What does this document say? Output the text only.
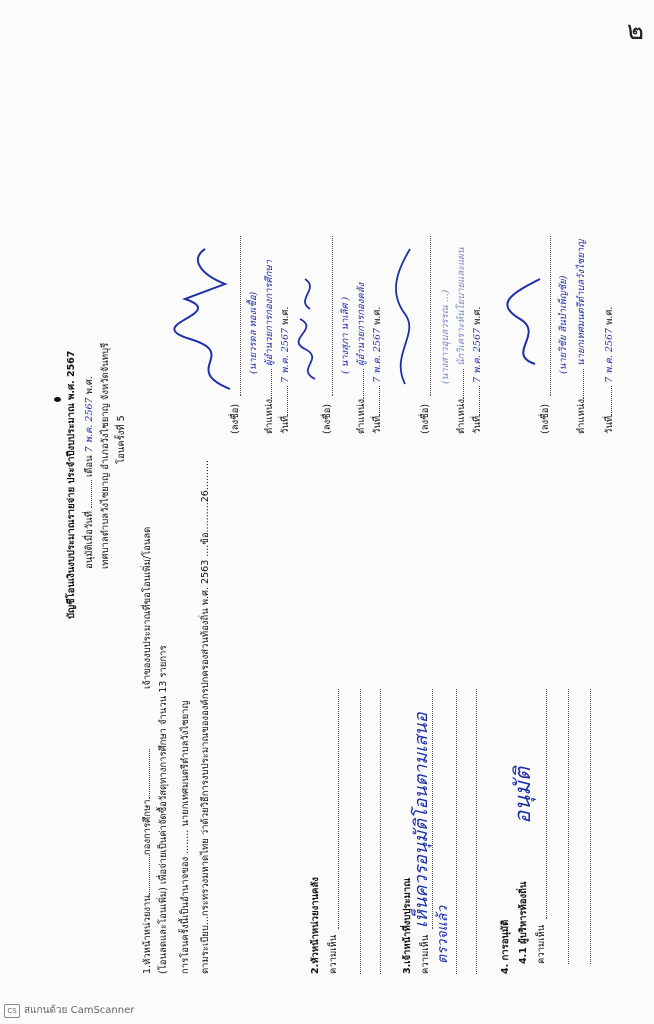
๒
บัญชีโอนเงินงบประมาณรายจ่าย ประจำปีงบประมาณ พ.ศ. 2567 อนุมัติเมื่อวันที่  เดือน 7 พ.ค. 2567 พ.ศ. เทศบาลตำบลวังไชยาญ อำเภอวังไชยาญ จังหวัดจันทบุรี โอนครั้งที่ 5
1.หัวหน้าหน่วยงานกองการศึกษา
เจ้าของงบประมาณที่ขอโอนเพิ่ม/โอนลด
(โอนลดและโอนเพิ่ม) เพื่อจ่ายเป็นค่าจัดซื้อวัสดุทางการศึกษา จำนวน 13 รายการ การโอนครั้งนี้เป็นอำนาจของ ........ นายกเทศมนตรีตำบลวังไชยาญ ตามระเบียบ...กระทรวงมหาดไทย ว่าด้วยวิธีการงบประมาณขององค์กรปกครองส่วนท้องถิ่น พ.ศ. 2563 ....ข้อ..........26..........
(ลงชื่อ)
(นายวรดล ทองเชื้อ)
ตำแหน่ง ผู้อำนวยการกองการศึกษา
วันที่ 7 พ.ค. 2567 พ.ศ.
2.หัวหน้าหน่วยงานคลัง ความเห็น
(ลงชื่อ)
( นางสุภา นาเลิศ )
ตำแหน่ง ผู้อำนวยการกองคลัง
วันที่ 7 พ.ค. 2567 พ.ศ.
3.เจ้าหน้าที่งบประมาณ ความเห็น
เห็นควรอนุมัติโอนตามเสนอ
ตรวจแล้ว
(ลงชื่อ)
(นางสาวอุบลวรรณ ...)
ตำแหน่ง นักวิเคราะห์นโยบายและแผน
วันที่ 7 พ.ค. 2567 พ.ศ.
4. การอนุมัติ 4.1 ผู้บริหารท้องถิ่น ความเห็น
อนุมัติ
(ลงชื่อ)
(นายวิชัย สินบำเพ็ญชัย)
ตำแหน่ง นายกเทศมนตรีตำบลวังไชยาญ
วันที่ 7 พ.ค. 2567 พ.ศ.
CS สแกนด้วย CamScanner
